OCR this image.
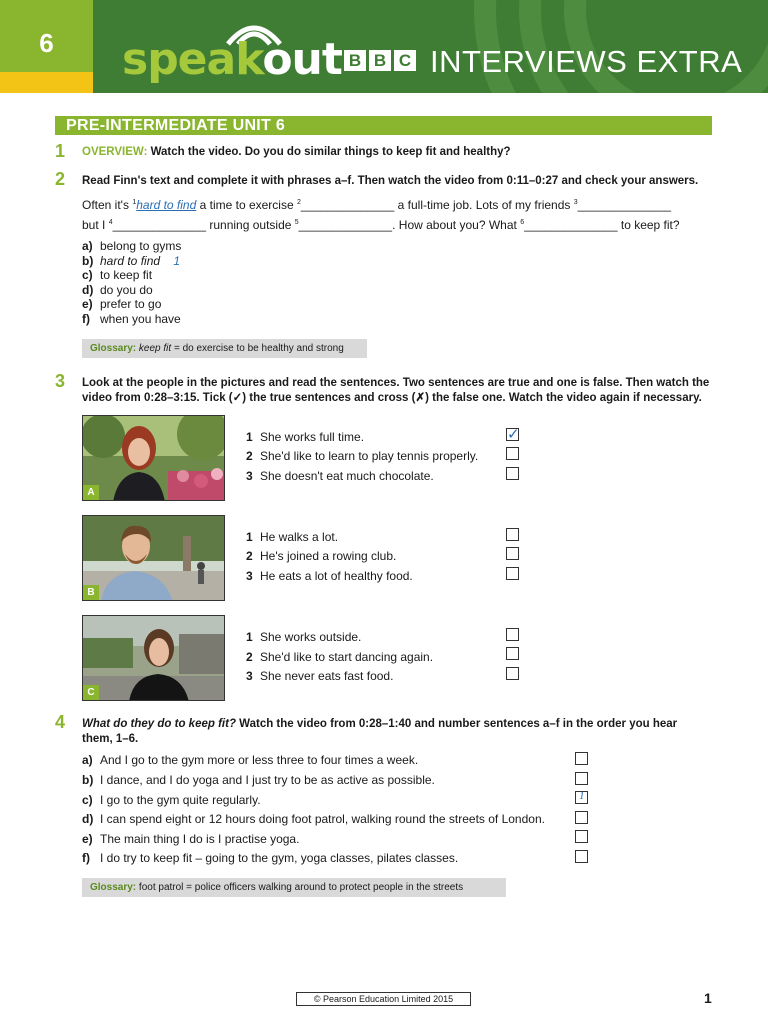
6	speakout B B C INTERVIEWS EXTRA
PRE-INTERMEDIATE UNIT 6
1 OVERVIEW: Watch the video. Do you do similar things to keep fit and healthy?
2 Read Finn's text and complete it with phrases a–f. Then watch the video from 0:11–0:27 and check your answers.
Often it's $^1$hard to find a time to exercise $^2$______________ a full-time job. Lots of my friends $^3$______________
but I $^4$______________ running outside $^5$______________. How about you? What $^6$______________ to keep fit?
a) belong to gyms
b) hard to find 1
c) to keep fit
d) do you do
e) prefer to go
f) when you have
Glossary: keep fit = do exercise to be healthy and strong
3 Look at the people in the pictures and read the sentences. Two sentences are true and one is false. Then watch the
video from 0:28–3:15. Tick (✓) the true sentences and cross (✗) the false one. Watch the video again if necessary.
A
B
C
1 She works full time.
2 She'd like to learn to play tennis properly.
3 She doesn't eat much chocolate.
✓
1 He walks a lot.
2 He's joined a rowing club.
3 He eats a lot of healthy food.
1 She works outside.
2 She'd like to start dancing again.
3 She never eats fast food.
4 What do they do to keep fit? Watch the video from 0:28–1:40 and number sentences a–f in the order you hear
them, 1–6.
a) And I go to the gym more or less three to four times a week.
b) I dance, and I do yoga and I just try to be as active as possible.
c) I go to the gym quite regularly.
d) I can spend eight or 12 hours doing foot patrol, walking round the streets of London.
e) The main thing I do is I practise yoga.
f) I do try to keep fit – going to the gym, yoga classes, pilates classes.
1
Glossary: foot patrol = police officers walking around to protect people in the streets
© Pearson Education Limited 2015	1
